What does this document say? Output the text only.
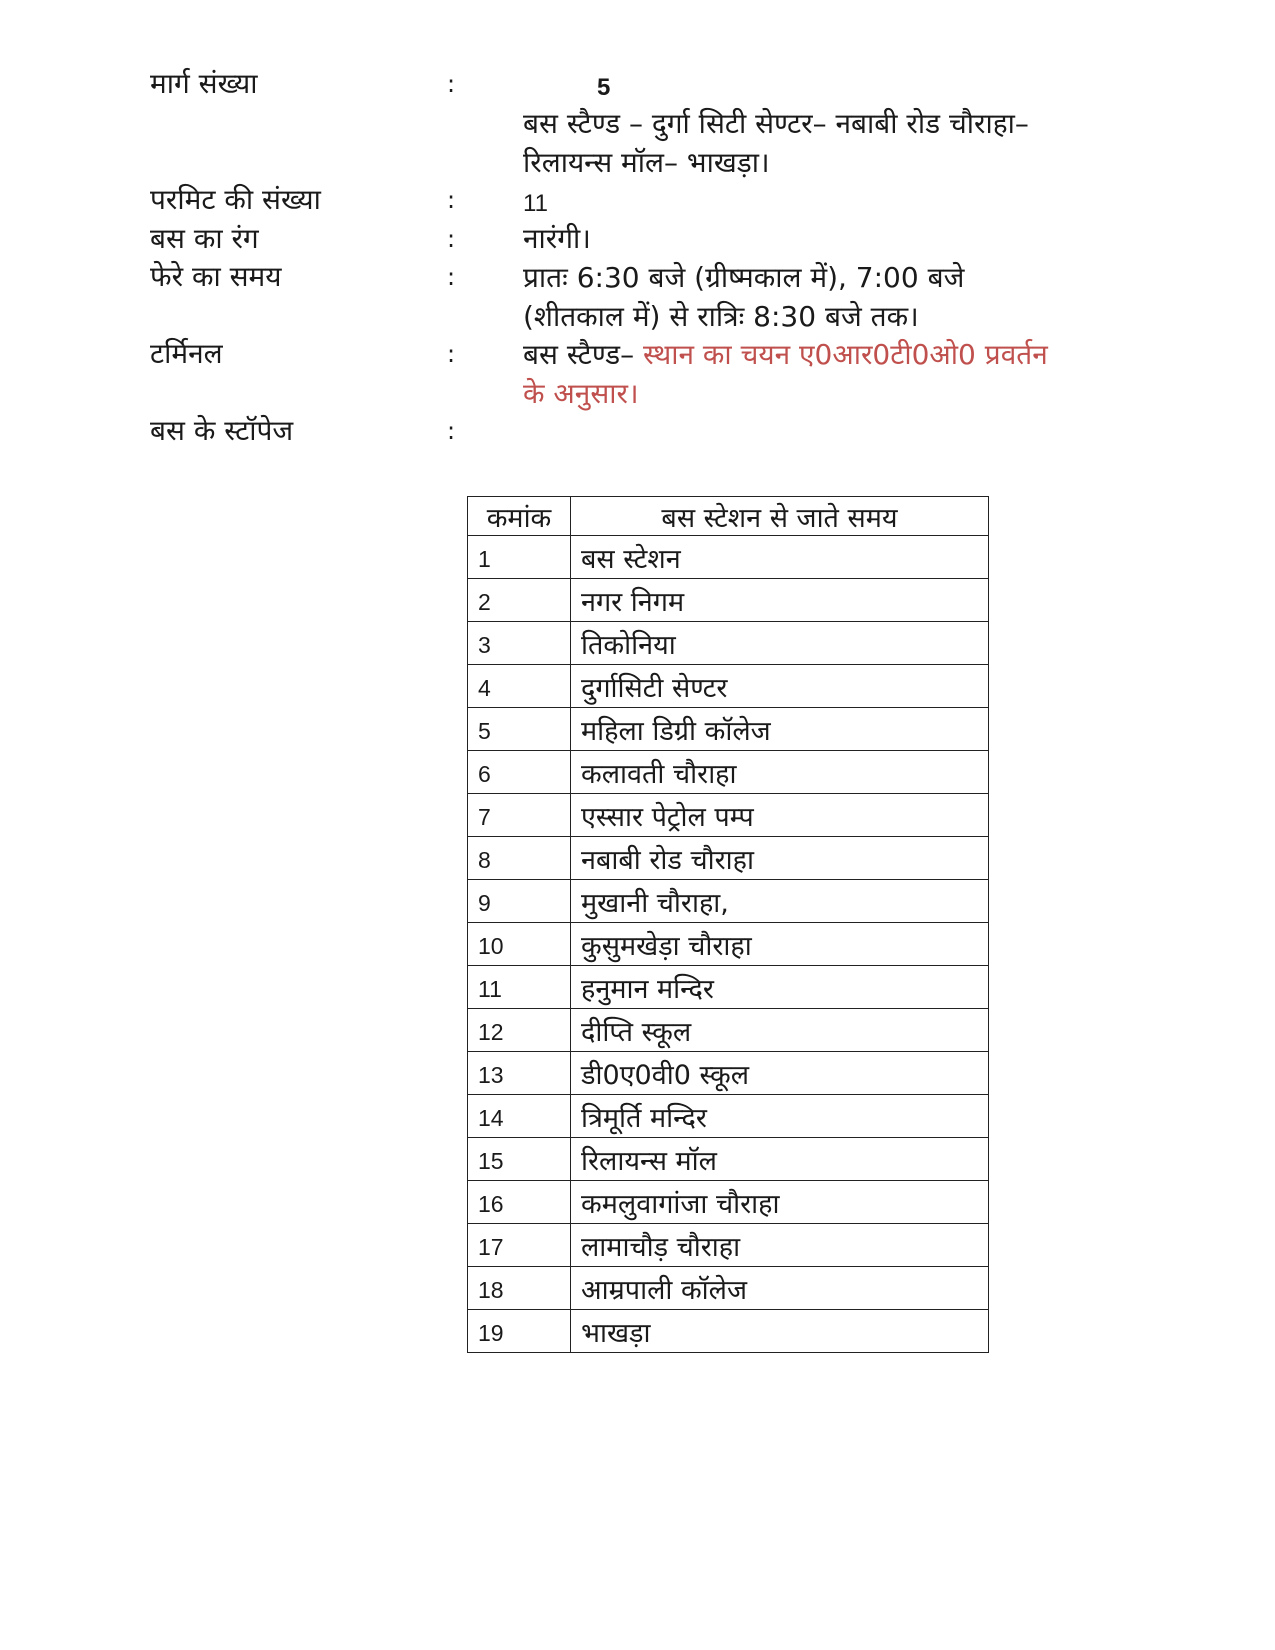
मार्ग संख्या	:	5
बस स्टैण्ड – दुर्गा सिटी सेण्टर– नबाबी रोड चौराहा– रिलायन्स मॉल– भाखड़ा।
परमिट की संख्या	:	11
बस का रंग	: नारंगी।
फेरे का समय	: प्रातः 6:30 बजे (ग्रीष्मकाल में), 7:00 बजे (शीतकाल में) से रात्रिः 8:30 बजे तक।
टर्मिनल	: बस स्टैण्ड– स्थान का चयन ए0आर0टी0ओ0 प्रवर्तन के अनुसार।
बस के स्टॉपेज	:
कमांक	बस स्टेशन से जाते समय
1	बस स्टेशन
2	नगर निगम
3	तिकोनिया
4	दुर्गासिटी सेण्टर
5	महिला डिग्री कॉलेज
6	कलावती चौराहा
7	एस्सार पेट्रोल पम्प
8	नबाबी रोड चौराहा
9	मुखानी चौराहा,
10	कुसुमखेड़ा चौराहा
11	हनुमान मन्दिर
12	दीप्ति स्कूल
13	डी0ए0वी0 स्कूल
14	त्रिमूर्ति मन्दिर
15	रिलायन्स मॉल
16	कमलुवागांजा चौराहा
17	लामाचौड़ चौराहा
18	आम्रपाली कॉलेज
19	भाखड़ा
